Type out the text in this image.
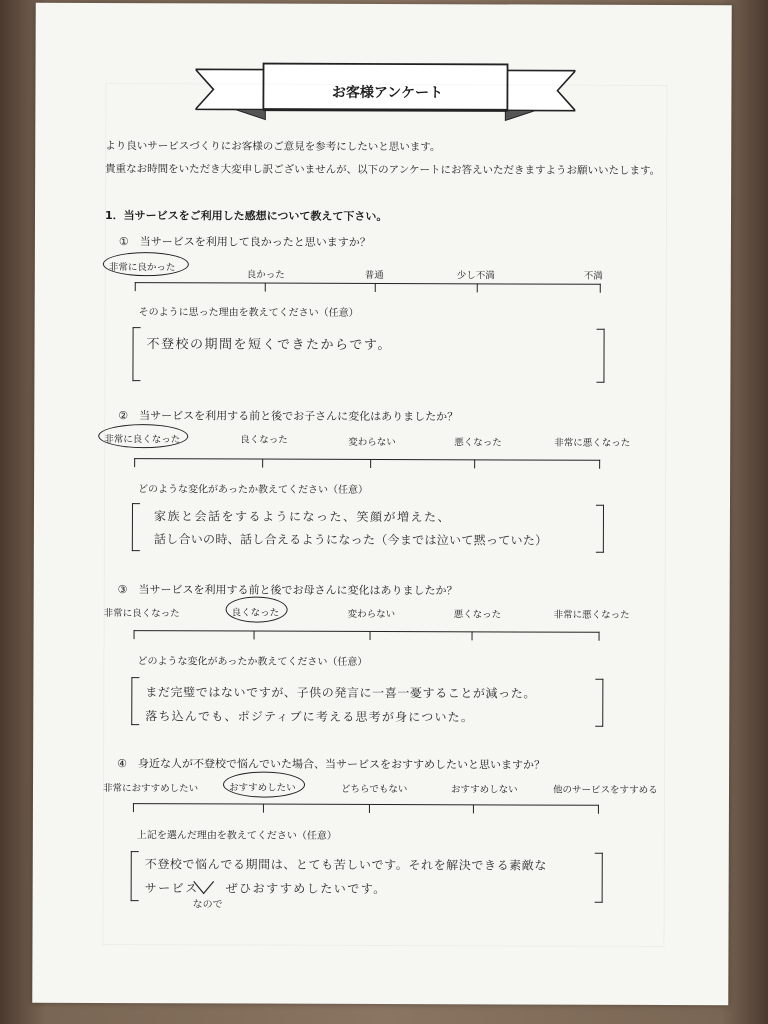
お客様アンケート
より良いサービスづくりにお客様のご意見を参考にしたいと思います。
貴重なお時間をいただき大変申し訳ございませんが、以下のアンケートにお答えいただきますようお願いいたします。
1．当サービスをご利用した感想について教えて下さい。
①　当サービスを利用して良かったと思いますか？
非常に良かった
良かった	普通	少し不満	不満
そのように思った理由を教えてください（任意）
不登校の期間を短くできたからです。
②　当サービスを利用する前と後でお子さんに変化はありましたか？
非常に良くなった	良くなった	変わらない	悪くなった	非常に悪くなった
どのような変化があったか教えてください（任意）
家族と会話をするようになった、笑顔が増えた、
話し合いの時、話し合えるようになった（今までは泣いて黙っていた）
③　当サービスを利用する前と後でお母さんに変化はありましたか？
非常に良くなった	良くなった	変わらない	悪くなった	非常に悪くなった
どのような変化があったか教えてください（任意）
まだ完璧ではないですが、子供の発言に一喜一憂することが減った。
落ち込んでも、ポジティブに考える思考が身についた。
④　身近な人が不登校で悩んでいた場合、当サービスをおすすめしたいと思いますか？
非常におすすめしたい	おすすめしたい	どちらでもない	おすすめしない	他のサービスをすすめる
上記を選んだ理由を教えてください（任意）
不登校で悩んでる期間は、とても苦しいです。それを解決できる素敵な
サービス　　ぜひおすすめしたいです。
なので
